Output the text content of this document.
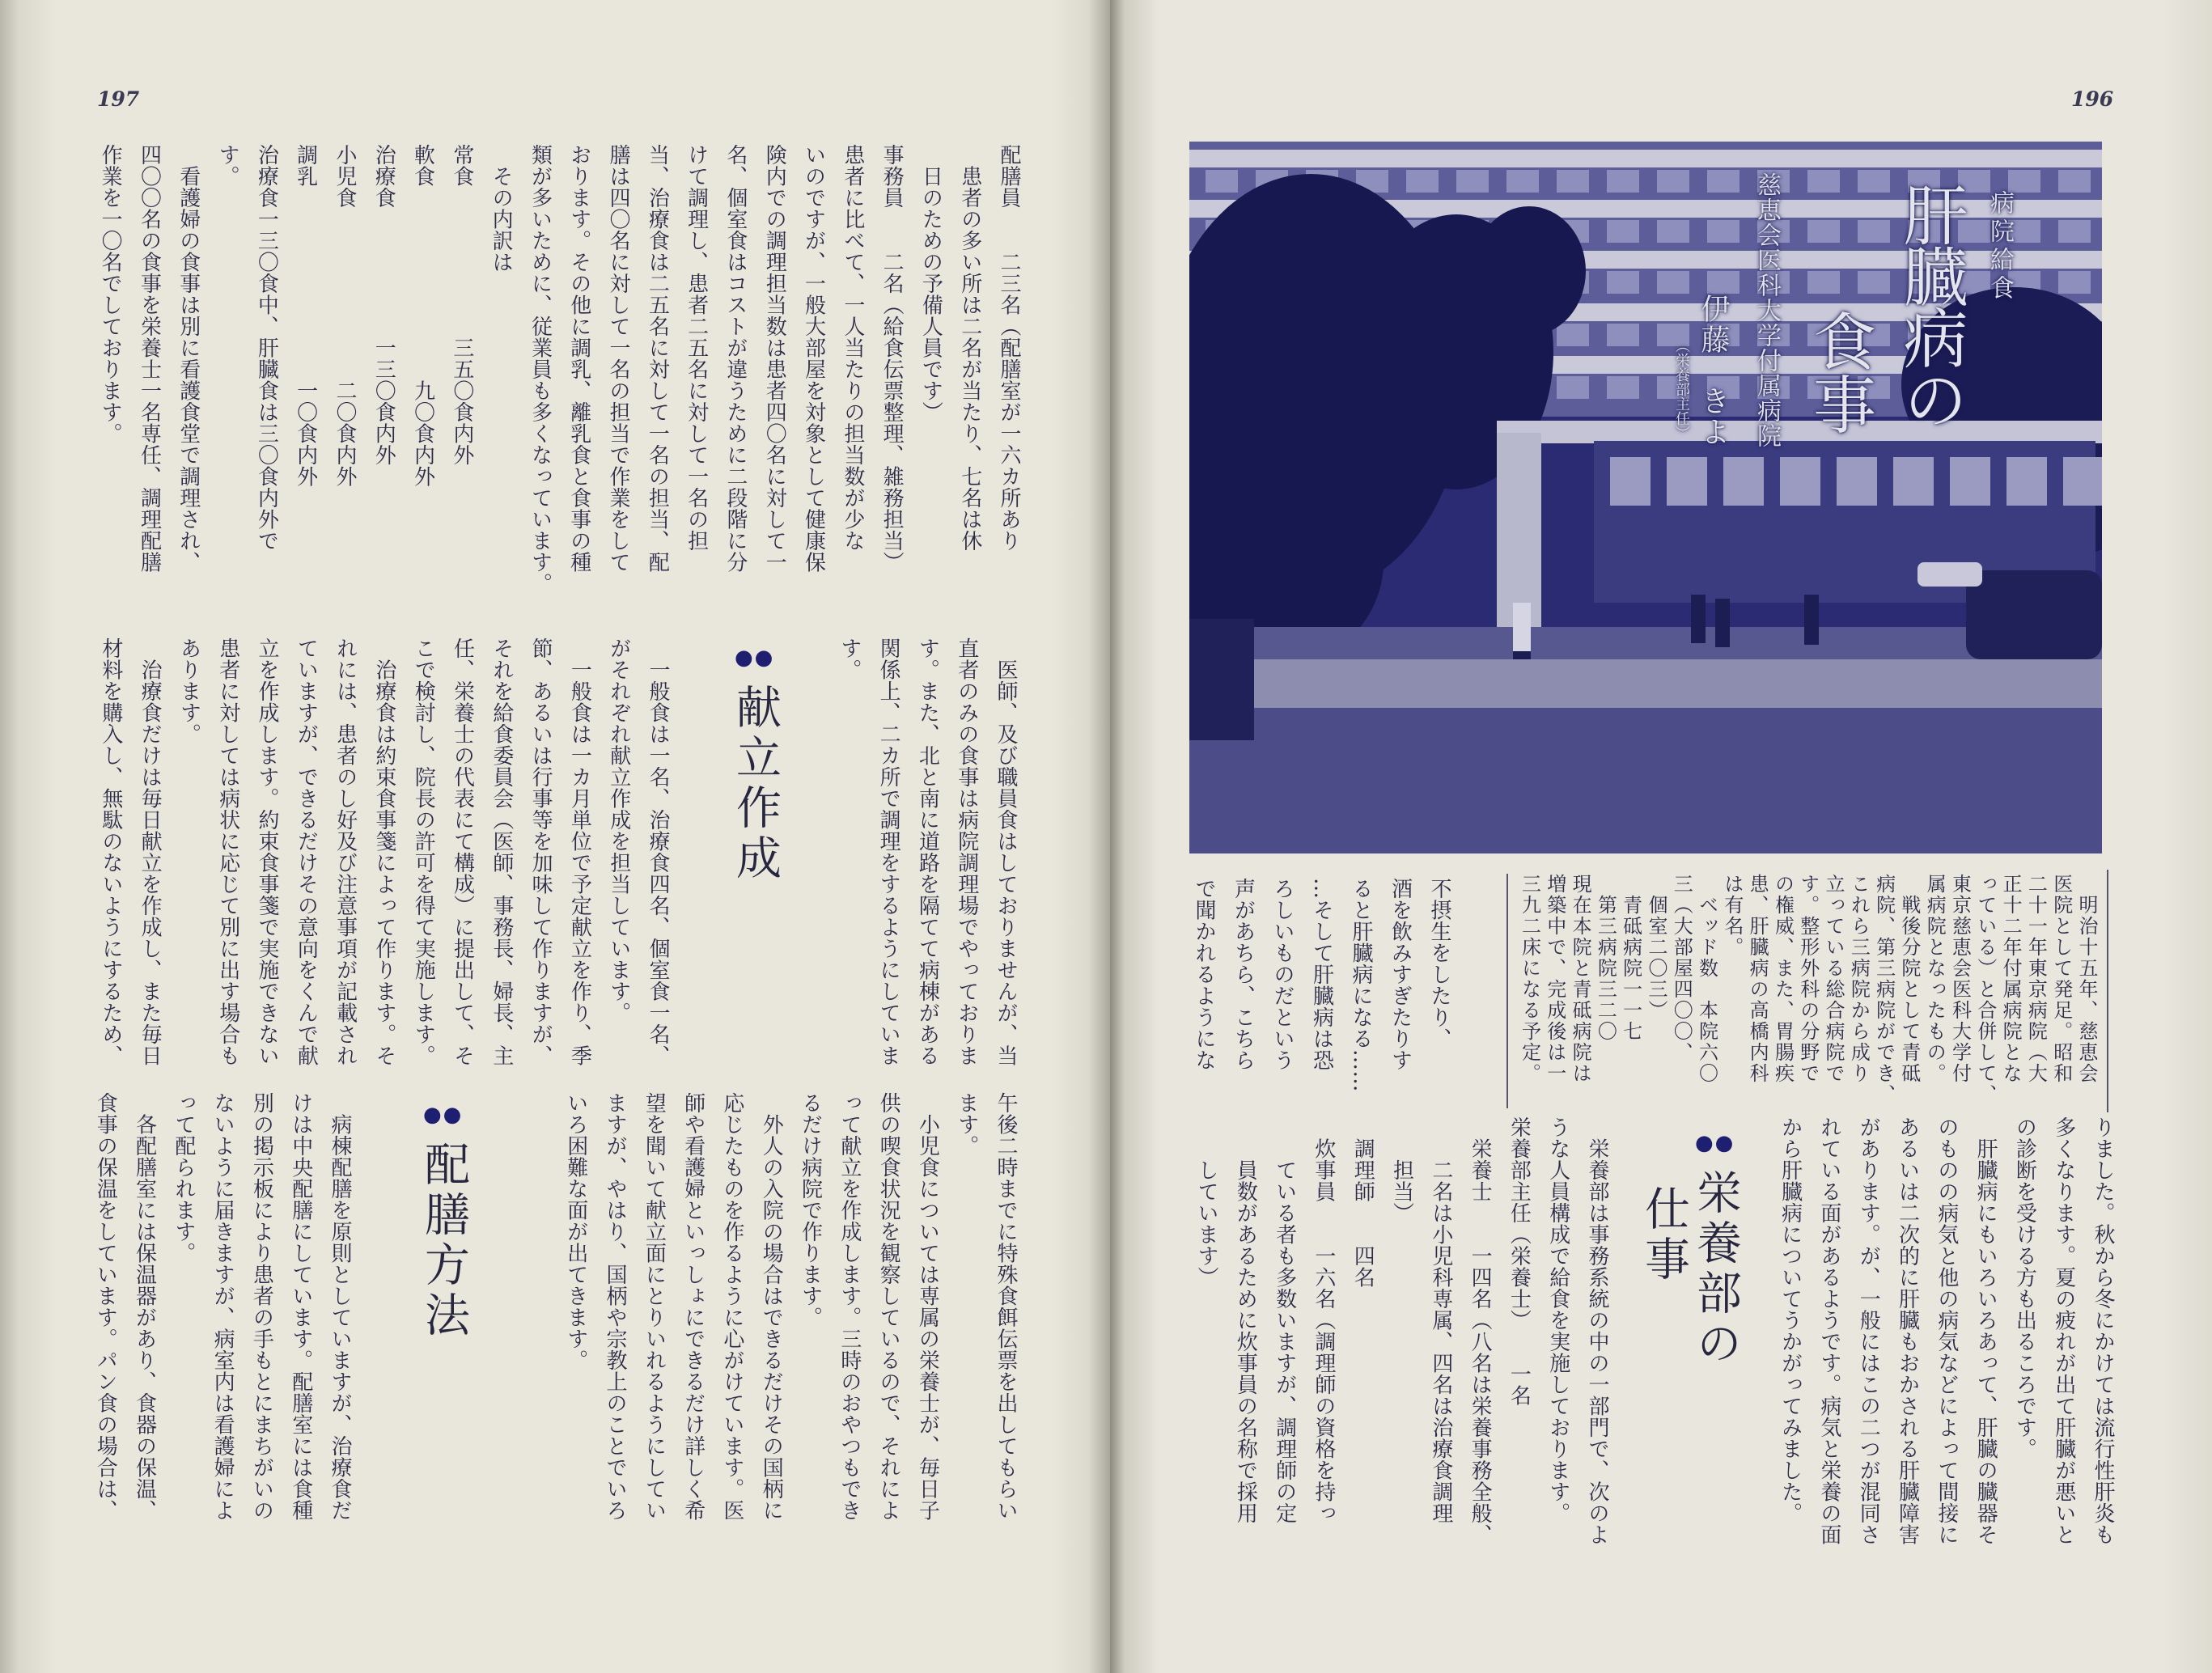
197
配膳員　　二三名（配膳室が一六カ所あり
　患者の多い所は二名が当たり、七名は休
　日のための予備人員です）
事務員　　二名（給食伝票整理、雑務担当）
患者に比べて、一人当たりの担当数が少な
いのですが、一般大部屋を対象として健康保
険内での調理担当数は患者四〇名に対して一
名、個室食はコストが違うために二段階に分
けて調理し、患者二五名に対して一名の担
当、治療食は二五名に対して一名の担当、配
膳は四〇名に対して一名の担当で作業をして
おります。その他に調乳、離乳食と食事の種
類が多いために、従業員も多くなっています。
　その内訳は
常食　　　　　　　三五〇食内外
軟食　　　　　　　　　九〇食内外
治療食　　　　　　一三〇食内外
小児食　　　　　　　　二〇食内外
調乳　　　　　　　　　一〇食内外
治療食一三〇食中、肝臓食は三〇食内外で
す。
　看護婦の食事は別に看護食堂で調理され、
四〇〇名の食事を栄養士一名専任、調理配膳
作業を一〇名でしております。
　医師、及び職員食はしておりませんが、当
直者のみの食事は病院調理場でやっておりま
す。また、北と南に道路を隔てて病棟がある
関係上、二カ所で調理をするようにしていま
す。
●●
献立作成
　一般食は一名、治療食四名、個室食一名、
がそれぞれ献立作成を担当しています。
　一般食は一カ月単位で予定献立を作り、季
節、あるいは行事等を加味して作りますが、
それを給食委員会（医師、事務長、婦長、主
任、栄養士の代表にて構成）に提出して、そ
こで検討し、院長の許可を得て実施します。
　治療食は約束食事箋によって作ります。そ
れには、患者のし好及び注意事項が記載され
ていますが、できるだけその意向をくんで献
立を作成します。約束食事箋で実施できない
患者に対しては病状に応じて別に出す場合も
あります。
　治療食だけは毎日献立を作成し、また毎日
材料を購入し、無駄のないようにするため、
午後二時までに特殊食餌伝票を出してもらい
ます。
　小児食については専属の栄養士が、毎日子
供の喫食状況を観察しているので、それによ
って献立を作成します。三時のおやつもでき
るだけ病院で作ります。
　外人の入院の場合はできるだけその国柄に
応じたものを作るように心がけています。医
師や看護婦といっしょにできるだけ詳しく希
望を聞いて献立面にとりいれるようにしてい
ますが、やはり、国柄や宗教上のことでいろ
いろ困難な面が出てきます。
●●
配膳方法
　病棟配膳を原則としていますが、治療食だ
けは中央配膳にしています。配膳室には食種
別の掲示板により患者の手もとにまちがいの
ないように届きますが、病室内は看護婦によ
って配られます。
　各配膳室には保温器があり、食器の保温、
食事の保温をしています。パン食の場合は、
196
病院給食
肝臓病の
食事
慈恵会医科大学付属病院
伊藤　きよ
（栄養部主任）
　明治十五年、慈恵会
医院として発足。昭和
二十一年東京病院（大
正十二年付属病院とな
っている）と合併して、
東京慈恵会医科大学付
属病院となったもの。
　戦後分院として青砥
病院、第三病院ができ、
これら三病院から成り
立っている総合病院で
す。整形外科の分野で
の権威、また、胃腸疾
患、肝臓病の高橋内科
は有名。
　ベッド数　本院六〇
三（大部屋四〇〇、
　個室二〇三）
　青砥病院一一七
　第三病院三二〇
現在本院と青砥病院は
増築中で、完成後は一
三九二床になる予定。
不摂生をしたり、
酒を飲みすぎたりす
ると肝臓病になる……
…そして肝臓病は恐
ろしいものだという
声があちら、こちら
で聞かれるようにな
りました。秋から冬にかけては流行性肝炎も
多くなります。夏の疲れが出て肝臓が悪いと
の診断を受ける方も出るころです。
　肝臓病にもいろいろあって、肝臓の臓器そ
のものの病気と他の病気などによって間接に
あるいは二次的に肝臓もおかされる肝臓障害
があります。が、一般にはこの二つが混同さ
れている面があるようです。病気と栄養の面
から肝臓病についてうかがってみました。
●●
栄養部の
仕事
　栄養部は事務系統の中の一部門で、次のよ
うな人員構成で給食を実施しております。
栄養部主任（栄養士）　　一名
　栄養士　　一四名（八名は栄養事務全般、
　　二名は小児科専属、四名は治療食調理
　　担当）
　調理師　　四名
　炊事員　　一六名（調理師の資格を持っ
　　ている者も多数いますが、調理師の定
　　員数があるために炊事員の名称で採用
　　しています）
